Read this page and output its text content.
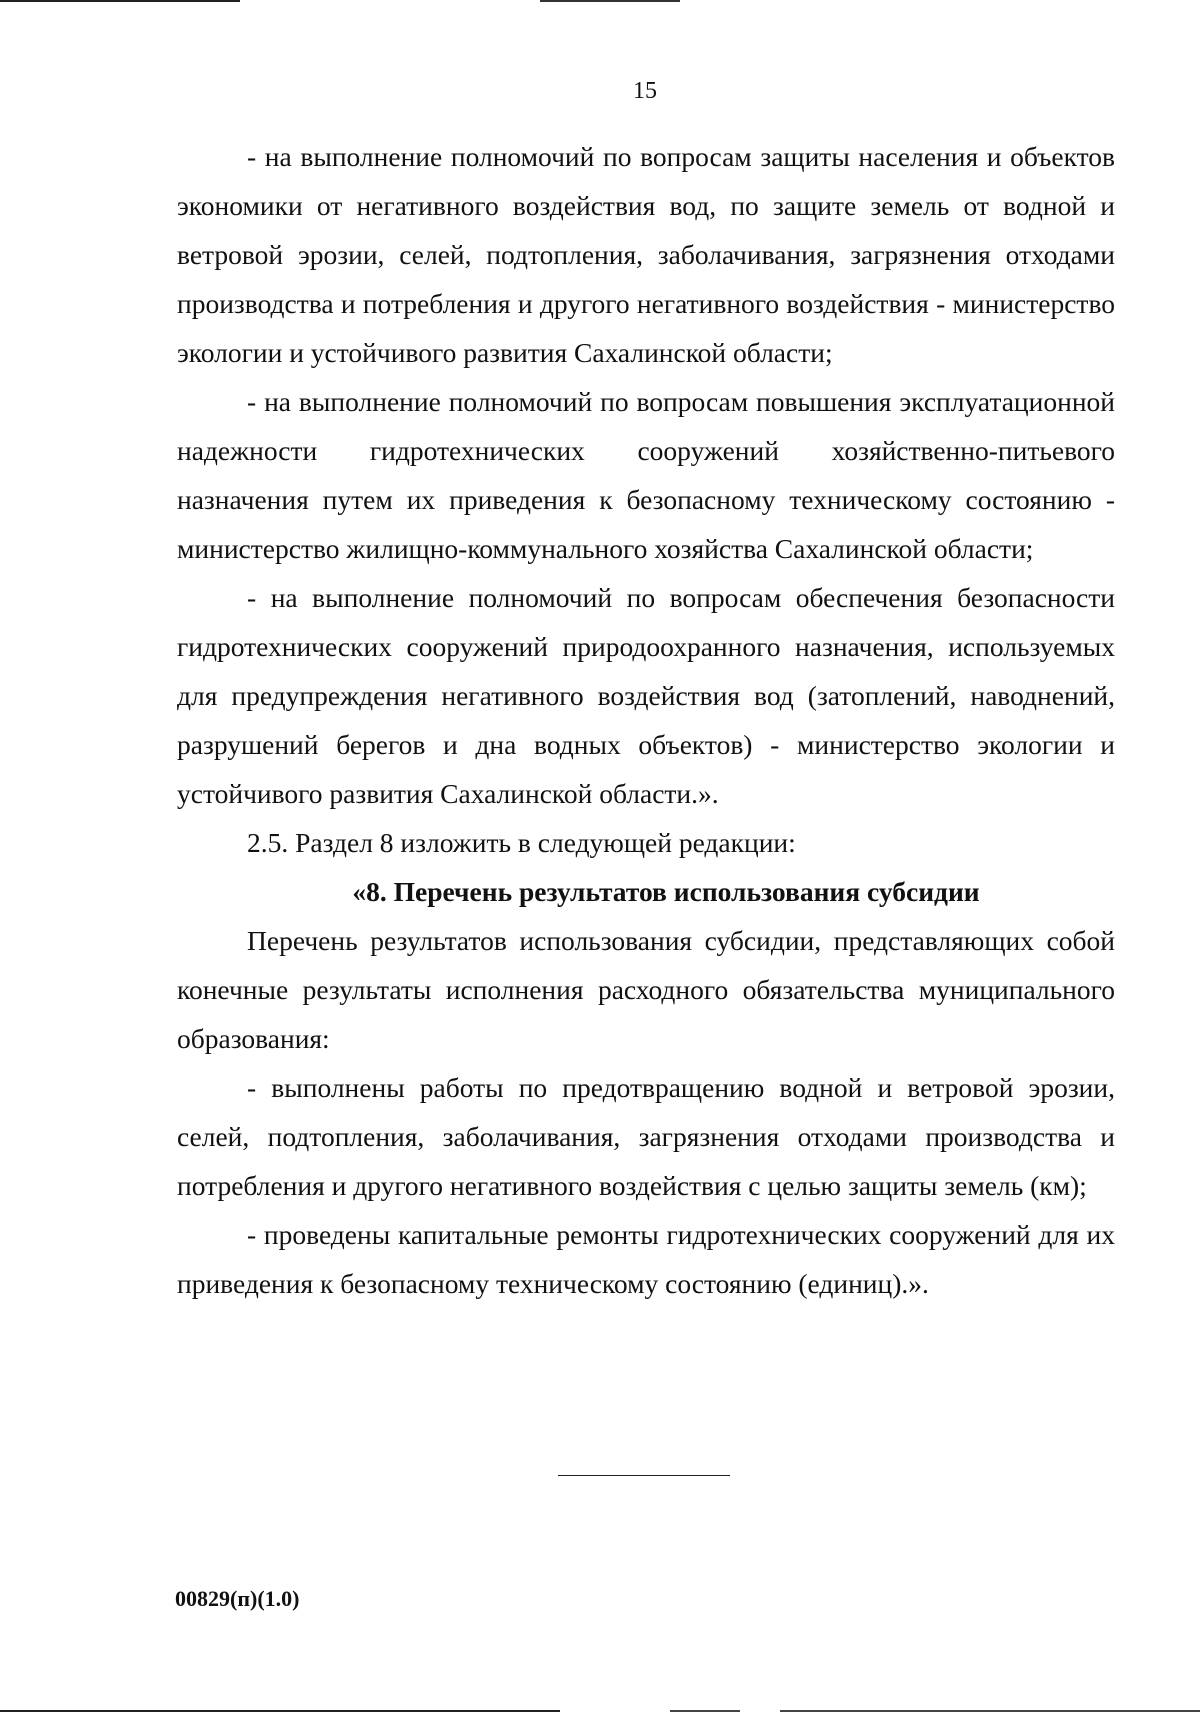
15

- на выполнение полномочий по вопросам защиты населения и объектов экономики от негативного воздействия вод, по защите земель от водной и ветровой эрозии, селей, подтопления, заболачивания, загрязнения отходами производства и потребления и другого негативного воздействия - министерство экологии и устойчивого развития Сахалинской области;

- на выполнение полномочий по вопросам повышения эксплуатационной надежности гидротехнических сооружений хозяйственно-питьевого назначения путем их приведения к безопасному техническому состоянию - министерство жилищно-коммунального хозяйства Сахалинской области;

- на выполнение полномочий по вопросам обеспечения безопасности гидротехнических сооружений природоохранного назначения, используемых для предупреждения негативного воздействия вод (затоплений, наводнений, разрушений берегов и дна водных объектов) - министерство экологии и устойчивого развития Сахалинской области.».

2.5. Раздел 8 изложить в следующей редакции:

«8. Перечень результатов использования субсидии

Перечень результатов использования субсидии, представляющих собой конечные результаты исполнения расходного обязательства муниципального образования:

- выполнены работы по предотвращению водной и ветровой эрозии, селей, подтопления, заболачивания, загрязнения отходами производства и потребления и другого негативного воздействия с целью защиты земель (км);

- проведены капитальные ремонты гидротехнических сооружений для их приведения к безопасному техническому состоянию (единиц).».

00829(п)(1.0)
